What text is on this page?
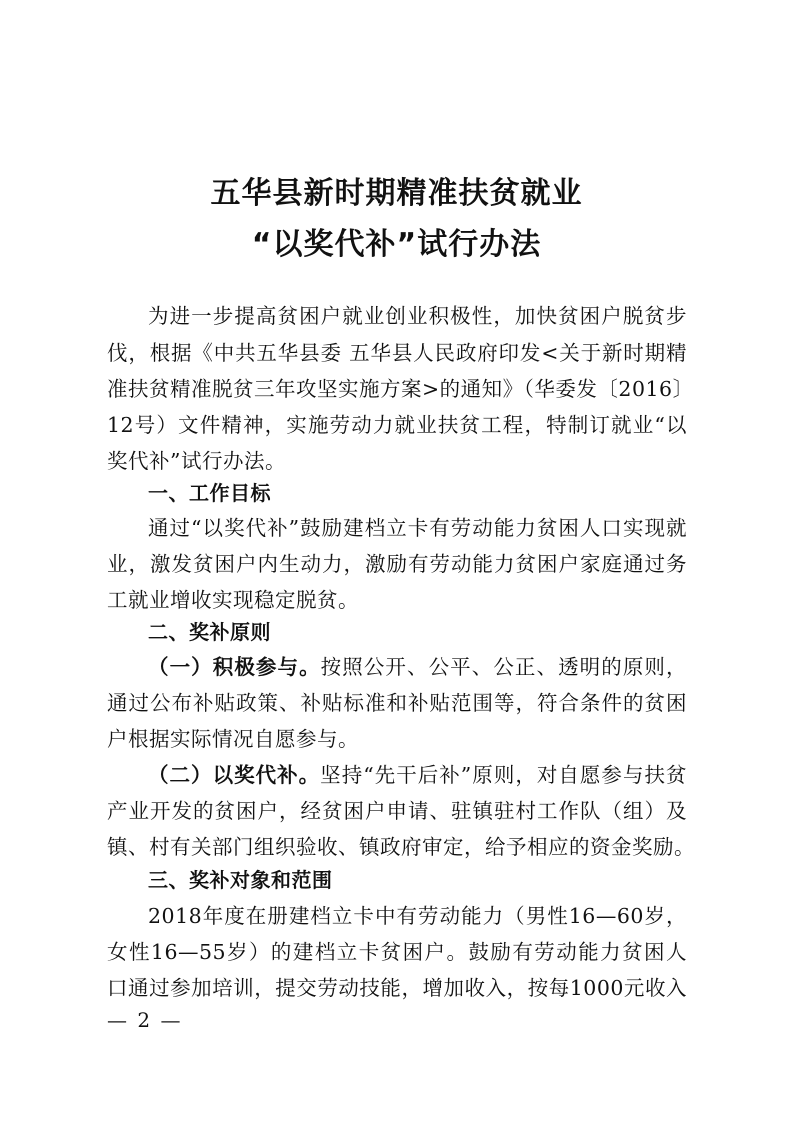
五华县新时期精准扶贫就业
“以奖代补”试行办法

为进一步提高贫困户就业创业积极性，加快贫困户脱贫步

伐，根据《中共五华县委 五华县人民政府印发<关于新时期精

准扶贫精准脱贫三年攻坚实施方案>的通知》（华委发〔2016〕

12号）文件精神，实施劳动力就业扶贫工程，特制订就业“以

奖代补”试行办法。

一、工作目标

通过“以奖代补”鼓励建档立卡有劳动能力贫困人口实现就

业，激发贫困户内生动力，激励有劳动能力贫困户家庭通过务

工就业增收实现稳定脱贫。

二、奖补原则

（一）积极参与。按照公开、公平、公正、透明的原则，

通过公布补贴政策、补贴标准和补贴范围等，符合条件的贫困

户根据实际情况自愿参与。

（二）以奖代补。坚持“先干后补”原则，对自愿参与扶贫

产业开发的贫困户，经贫困户申请、驻镇驻村工作队（组）及

镇、村有关部门组织验收、镇政府审定，给予相应的资金奖励。

三、奖补对象和范围

2018年度在册建档立卡中有劳动能力（男性16—60岁，

女性16—55岁）的建档立卡贫困户。鼓励有劳动能力贫困人

口通过参加培训，提交劳动技能，增加收入，按每1000元收入

— 2 —
